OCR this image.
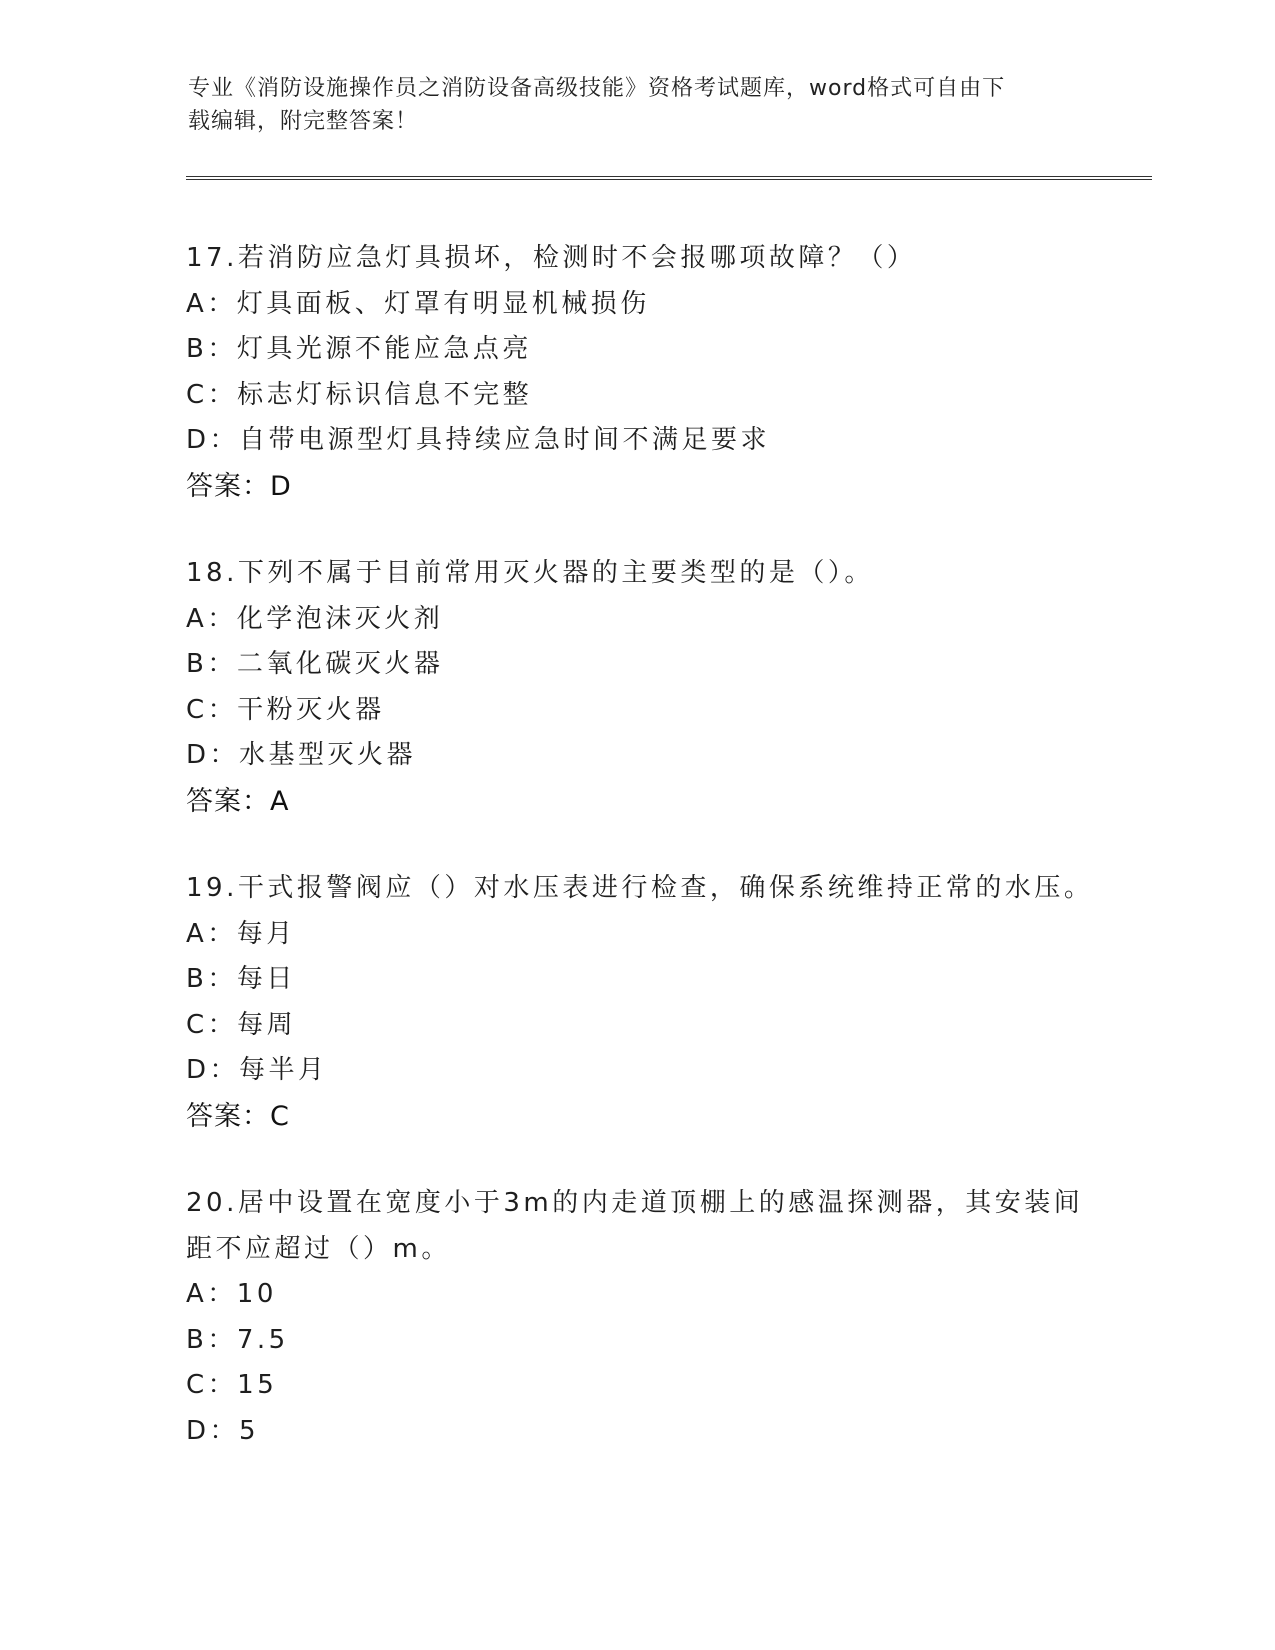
专业《消防设施操作员之消防设备高级技能》资格考试题库，word格式可自由下
载编辑，附完整答案！
17.若消防应急灯具损坏，检测时不会报哪项故障？（）
A：灯具面板、灯罩有明显机械损伤
B：灯具光源不能应急点亮
C：标志灯标识信息不完整
D：自带电源型灯具持续应急时间不满足要求
答案：D
18.下列不属于目前常用灭火器的主要类型的是（）。
A：化学泡沫灭火剂
B：二氧化碳灭火器
C：干粉灭火器
D：水基型灭火器
答案：A
19.干式报警阀应（）对水压表进行检查，确保系统维持正常的水压。
A：每月
B：每日
C：每周
D：每半月
答案：C
20.居中设置在宽度小于3m的内走道顶棚上的感温探测器，其安装间
距不应超过（）m。
A：10
B：7.5
C：15
D：5
